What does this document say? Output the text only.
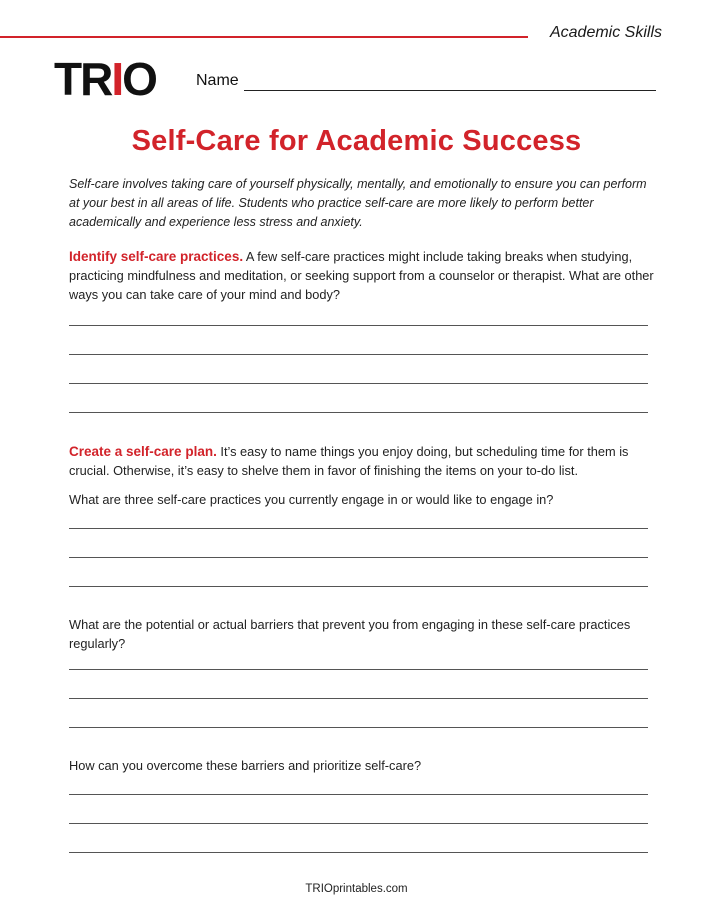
Academic Skills
TRIO	Name
Self-Care for Academic Success
Self-care involves taking care of yourself physically, mentally, and emotionally to ensure you can perform at your best in all areas of life. Students who practice self-care are more likely to perform better academically and experience less stress and anxiety.
Identify self-care practices. A few self-care practices might include taking breaks when studying, practicing mindfulness and meditation, or seeking support from a counselor or therapist. What are other ways you can take care of your mind and body?
Create a self-care plan. It’s easy to name things you enjoy doing, but scheduling time for them is crucial. Otherwise, it’s easy to shelve them in favor of finishing the items on your to-do list.
What are three self-care practices you currently engage in or would like to engage in?
What are the potential or actual barriers that prevent you from engaging in these self-care practices regularly?
How can you overcome these barriers and prioritize self-care?
TRIOprintables.com
